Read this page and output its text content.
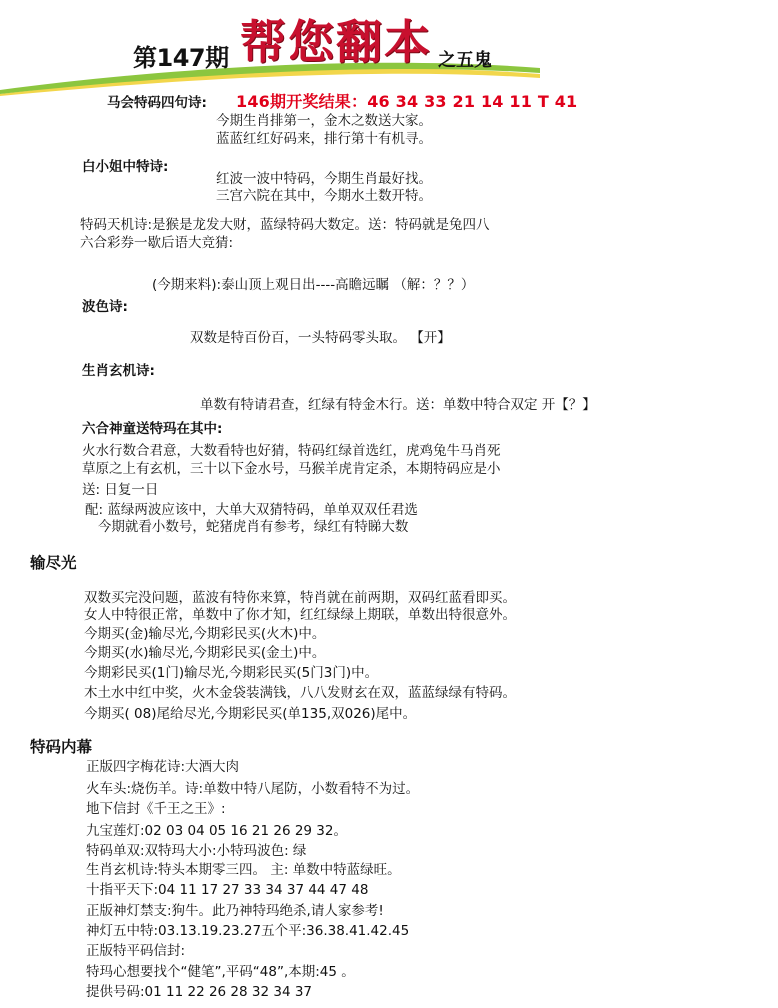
第147期 帮您翻本 之五鬼
马会特码四句诗: 146期开奖结果：46 34 33 21 14 11 T 41
今期生肖排第一，金木之数送大家。
蓝蓝红红好码来，排行第十有机寻。
白小姐中特诗:
红波一波中特码，今期生肖最好找。
三宫六院在其中，今期水土数开特。
特码天机诗:是猴是龙发大财，蓝绿特码大数定。送：特码就是兔四八
六合彩券一歇后语大竞猜:
(今期来料):泰山顶上观日出----高瞻远瞩 （解：？？）
波色诗:
双数是特百份百，一头特码零头取。 【开】
生肖玄机诗:
单数有特请君查，红绿有特金木行。送：单数中特合双定 开【？】
六合神童送特玛在其中:
火水行数合君意，大数看特也好猜，特码红绿首选红，虎鸡兔牛马肖死
草原之上有玄机，三十以下金水号，马猴羊虎肯定杀，本期特码应是小
送: 日复一日
配: 蓝绿两波应该中，大单大双猜特码，单单双双任君选
今期就看小数号，蛇猪虎肖有参考，绿红有特睇大数
输尽光
双数买完没问题，蓝波有特你来算，特肖就在前两期，双码红蓝看即买。
女人中特很正常，单数中了你才知，红红绿绿上期联，单数出特很意外。
今期买(金)输尽光,今期彩民买(火木)中。
今期买(水)输尽光,今期彩民买(金土)中。
今期彩民买(1门)输尽光,今期彩民买(5门3门)中。
木土水中红中奖，火木金袋装满钱，八八发财玄在双，蓝蓝绿绿有特码。
今期买( 08)尾给尽光,今期彩民买(单135,双026)尾中。
特码内幕
正版四字梅花诗:大酒大肉
火车头:烧伤羊。诗:单数中特八尾防，小数看特不为过。
地下信封《千王之王》:
九宝莲灯:02 03 04 05 16 21 26 29 32。
特码单双:双特玛大小:小特玛波色: 绿
生肖玄机诗:特头本期零三四。 主: 单数中特蓝绿旺。
十指平天下:04 11 17 27 33 34 37 44 47 48
正版神灯禁支:狗牛。此乃神特玛绝杀,请人家参考!
神灯五中特:03.13.19.23.27五个平:36.38.41.42.45
正版特平码信封:
特玛心想要找个“健笔”,平码“48”,本期:45 。
提供号码:01 11 22 26 28 32 34 37
